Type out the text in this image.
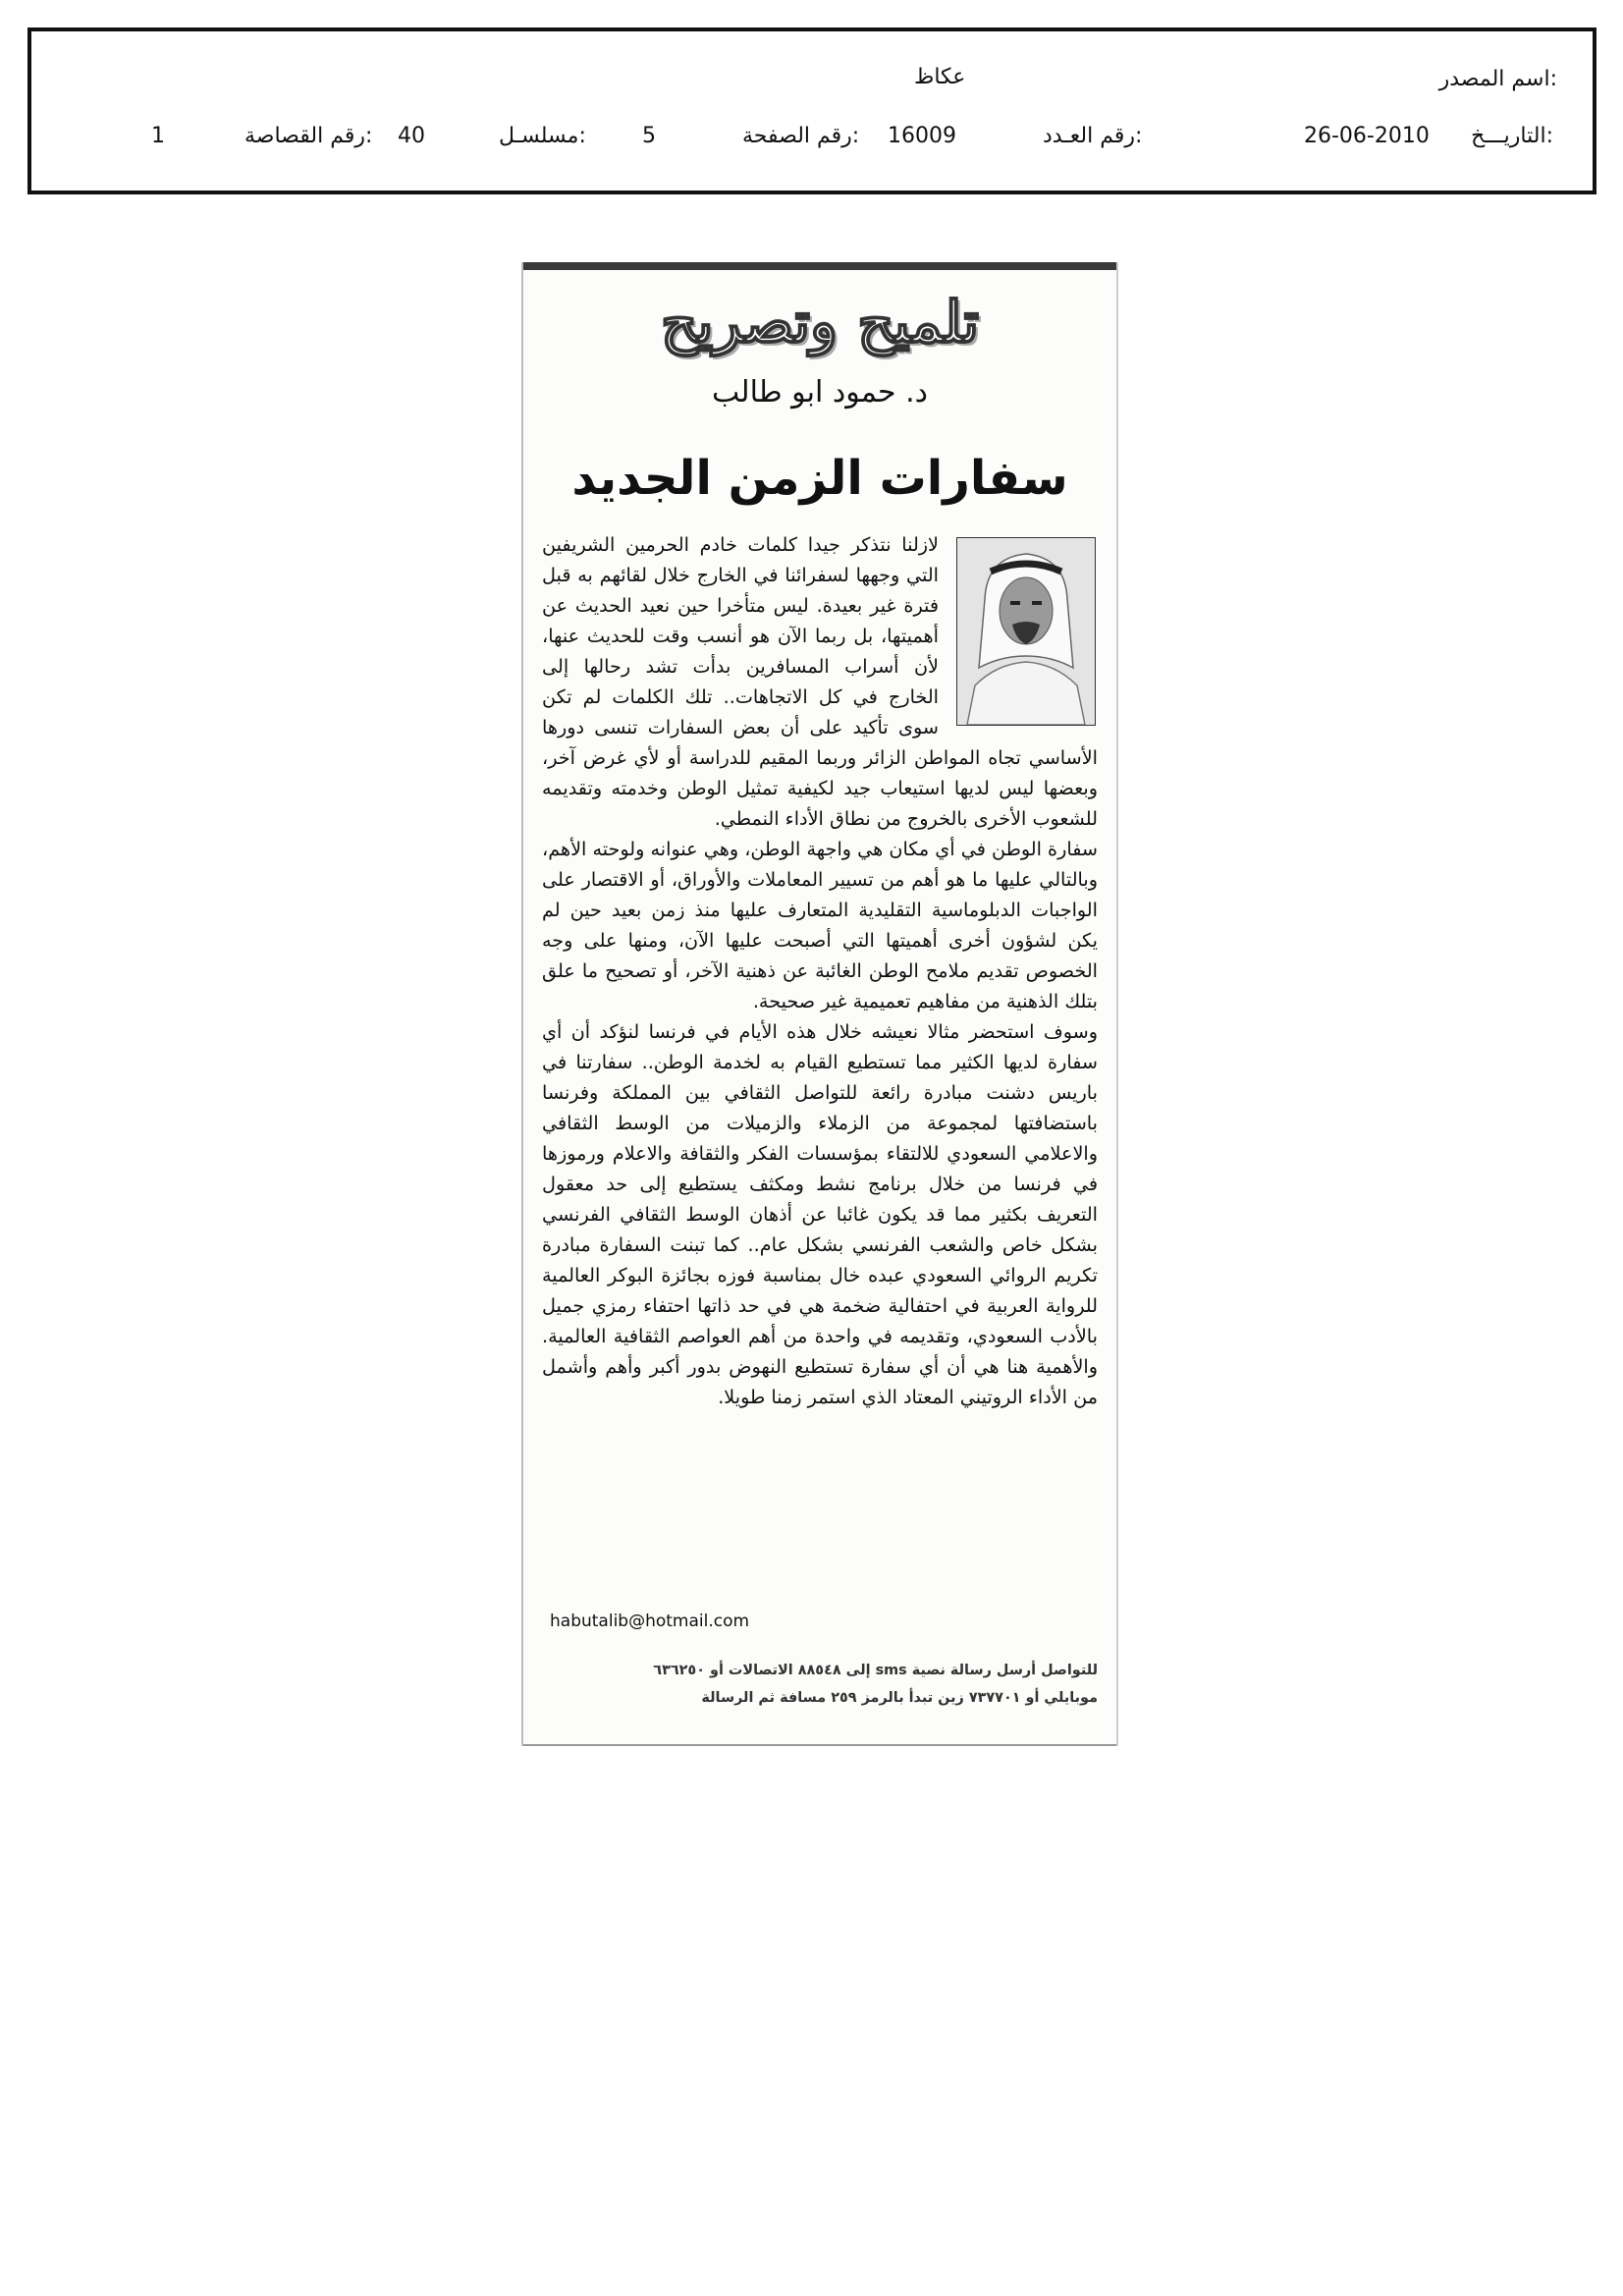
اسم المصدر:
عكاظ
التاريـــخ:
26-06-2010
رقم العـدد:
16009
رقم الصفحة:
5
مسلسـل:
40
رقم القصاصة:
1
تلميح وتصريح
د. حمود ابو طالب
سفارات الزمن الجديد

لازلنا نتذكر جيدا كلمات خادم الحرمين الشريفين التي وجهها لسفرائنا في الخارج خلال لقائهم به قبل فترة غير بعيدة. ليس متأخرا حين نعيد الحديث عن أهميتها، بل ربما الآن هو أنسب وقت للحديث عنها، لأن أسراب المسافرين بدأت تشد رحالها إلى الخارج في كل الاتجاهات.. تلك الكلمات لم تكن سوى تأكيد على أن بعض السفارات تنسى دورها الأساسي تجاه المواطن الزائر وربما المقيم للدراسة أو لأي غرض آخر، وبعضها ليس لديها استيعاب جيد لكيفية تمثيل الوطن وخدمته وتقديمه للشعوب الأخرى بالخروج من نطاق الأداء النمطي.

سفارة الوطن في أي مكان هي واجهة الوطن، وهي عنوانه ولوحته الأهم، وبالتالي عليها ما هو أهم من تسيير المعاملات والأوراق، أو الاقتصار على الواجبات الدبلوماسية التقليدية المتعارف عليها منذ زمن بعيد حين لم يكن لشؤون أخرى أهميتها التي أصبحت عليها الآن، ومنها على وجه الخصوص تقديم ملامح الوطن الغائبة عن ذهنية الآخر، أو تصحيح ما علق بتلك الذهنية من مفاهيم تعميمية غير صحيحة.

وسوف استحضر مثالا نعيشه خلال هذه الأيام في فرنسا لنؤكد أن أي سفارة لديها الكثير مما تستطيع القيام به لخدمة الوطن.. سفارتنا في باريس دشنت مبادرة رائعة للتواصل الثقافي بين المملكة وفرنسا باستضافتها لمجموعة من الزملاء والزميلات من الوسط الثقافي والاعلامي السعودي للالتقاء بمؤسسات الفكر والثقافة والاعلام ورموزها في فرنسا من خلال برنامج نشط ومكثف يستطيع إلى حد معقول التعريف بكثير مما قد يكون غائبا عن أذهان الوسط الثقافي الفرنسي بشكل خاص والشعب الفرنسي بشكل عام.. كما تبنت السفارة مبادرة تكريم الروائي السعودي عبده خال بمناسبة فوزه بجائزة البوكر العالمية للرواية العربية في احتفالية ضخمة هي في حد ذاتها احتفاء رمزي جميل بالأدب السعودي، وتقديمه في واحدة من أهم العواصم الثقافية العالمية. والأهمية هنا هي أن أي سفارة تستطيع النهوض بدور أكبر وأهم وأشمل من الأداء الروتيني المعتاد الذي استمر زمنا طويلا.

habutalib@hotmail.com
للتواصل أرسل رسالة نصية sms إلى ٨٨٥٤٨ الاتصالات أو ٦٣٦٢٥٠
موبايلي أو ٧٣٧٧٠١ زين تبدأ بالرمز ٢٥٩ مسافة ثم الرسالة
